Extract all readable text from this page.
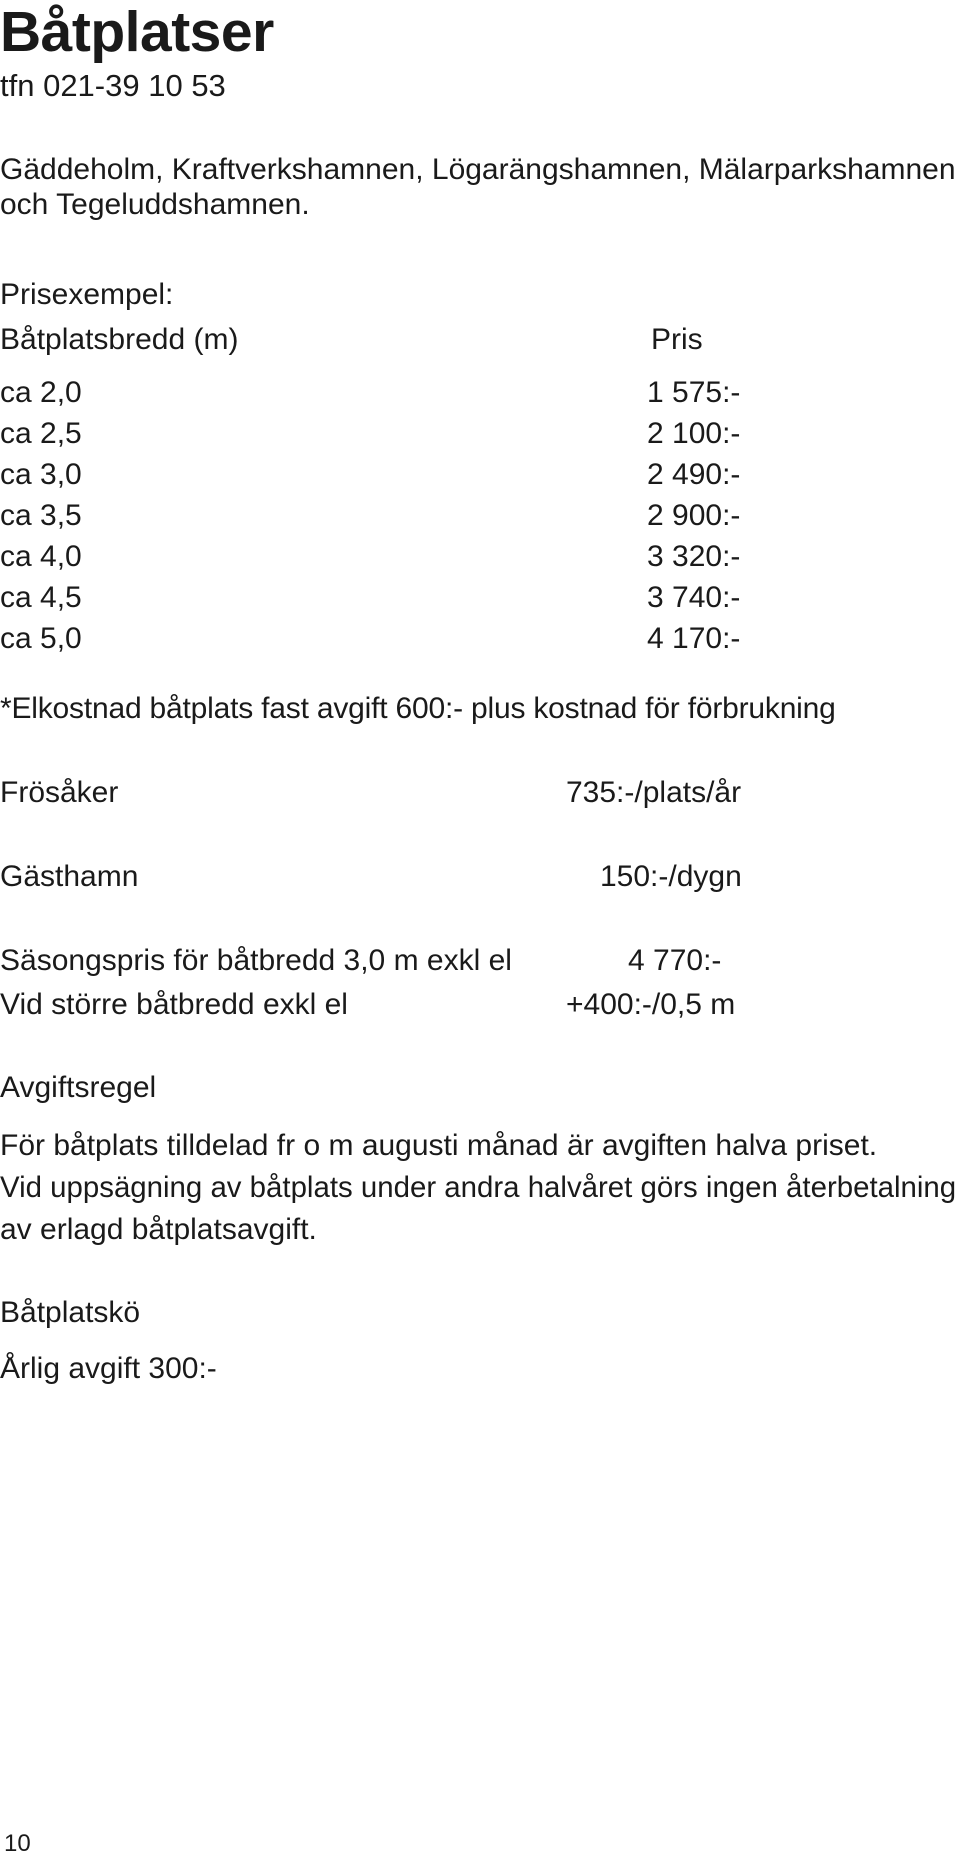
Båtplatser
tfn 021-39 10 53
Gäddeholm, Kraftverkshamnen, Lögarängshamnen, Mälarparkshamnen
och Tegeluddshamnen.
Prisexempel:
Båtplatsbredd (m)	Pris
ca 2,0	1 575:-
ca 2,5	2 100:-
ca 3,0	2 490:-
ca 3,5	2 900:-
ca 4,0	3 320:-
ca 4,5	3 740:-
ca 5,0	4 170:-
*Elkostnad båtplats fast avgift 600:- plus kostnad för förbrukning
Frösåker	735:-/plats/år
Gästhamn	150:-/dygn
Säsongspris för båtbredd 3,0 m exkl el	4 770:-
Vid större båtbredd exkl el	+400:-/0,5 m
Avgiftsregel
För båtplats tilldelad fr o m augusti månad är avgiften halva priset.
Vid uppsägning av båtplats under andra halvåret görs ingen återbetalning
av erlagd båtplatsavgift.
Båtplatskö
Årlig avgift 300:-
10
